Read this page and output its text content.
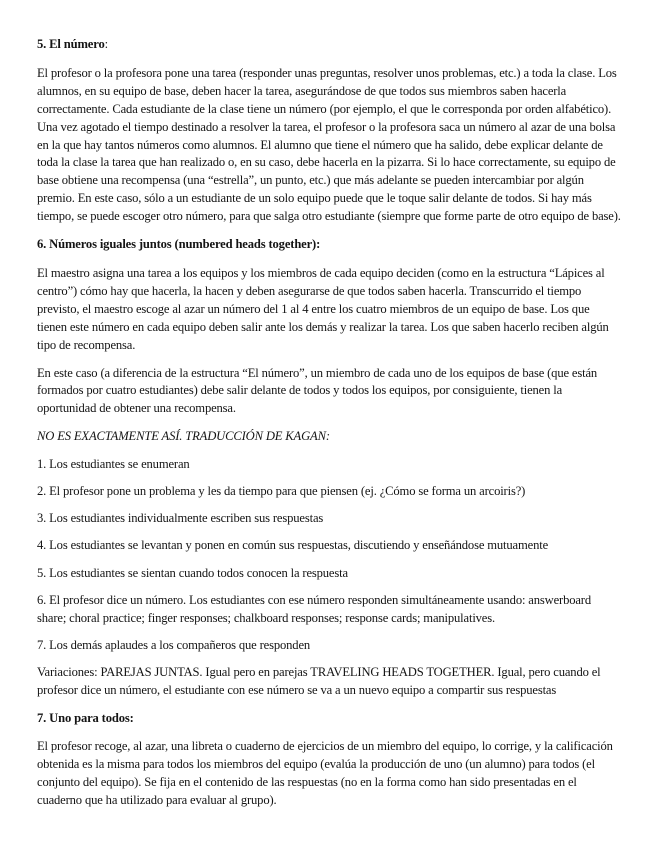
5. El número:

El profesor o la profesora pone una tarea (responder unas preguntas, resolver unos problemas, etc.) a toda la clase. Los alumnos, en su equipo de base, deben hacer la tarea, asegurándose de que todos sus miembros saben hacerla correctamente. Cada estudiante de la clase tiene un número (por ejemplo, el que le corresponda por orden alfabético). Una vez agotado el tiempo destinado a resolver la tarea, el profesor o la profesora saca un número al azar de una bolsa en la que hay tantos números como alumnos. El alumno que tiene el número que ha salido, debe explicar delante de toda la clase la tarea que han realizado o, en su caso, debe hacerla en la pizarra. Si lo hace correctamente, su equipo de base obtiene una recompensa (una “estrella”, un punto, etc.) que más adelante se pueden intercambiar por algún premio. En este caso, sólo a un estudiante de un solo equipo puede que le toque salir delante de todos. Si hay más tiempo, se puede escoger otro número, para que salga otro estudiante (siempre que forme parte de otro equipo de base).

6. Números iguales juntos (numbered heads together):

El maestro asigna una tarea a los equipos y los miembros de cada equipo deciden (como en la estructura “Lápices al centro”) cómo hay que hacerla, la hacen y deben asegurarse de que todos saben hacerla. Transcurrido el tiempo previsto, el maestro escoge al azar un número del 1 al 4 entre los cuatro miembros de un equipo de base. Los que tienen este número en cada equipo deben salir ante los demás y realizar la tarea. Los que saben hacerlo reciben algún tipo de recompensa.

En este caso (a diferencia de la estructura “El número”, un miembro de cada uno de los equipos de base (que están formados por cuatro estudiantes) debe salir delante de todos y todos los equipos, por consiguiente, tienen la oportunidad de obtener una recompensa.

NO ES EXACTAMENTE ASÍ. TRADUCCIÓN DE KAGAN:

1. Los estudiantes se enumeran

2. El profesor pone un problema y les da tiempo para que piensen (ej. ¿Cómo se forma un arcoiris?)

3. Los estudiantes individualmente escriben sus respuestas

4. Los estudiantes se levantan y ponen en común sus respuestas, discutiendo y enseñándose mutuamente

5. Los estudiantes se sientan cuando todos conocen la respuesta

6. El profesor dice un número. Los estudiantes con ese número responden simultáneamente usando: answerboard share; choral practice; finger responses; chalkboard responses; response cards; manipulatives.

7. Los demás aplaudes a los compañeros que responden

Variaciones: PAREJAS JUNTAS. Igual pero en parejas TRAVELING HEADS TOGETHER. Igual, pero cuando el profesor dice un número, el estudiante con ese número se va a un nuevo equipo a compartir sus respuestas

7. Uno para todos:

El profesor recoge, al azar, una libreta o cuaderno de ejercicios de un miembro del equipo, lo corrige, y la calificación obtenida es la misma para todos los miembros del equipo (evalúa la producción de uno (un alumno) para todos (el conjunto del equipo). Se fija en el contenido de las respuestas (no en la forma como han sido presentadas en el cuaderno que ha utilizado para evaluar al grupo).
